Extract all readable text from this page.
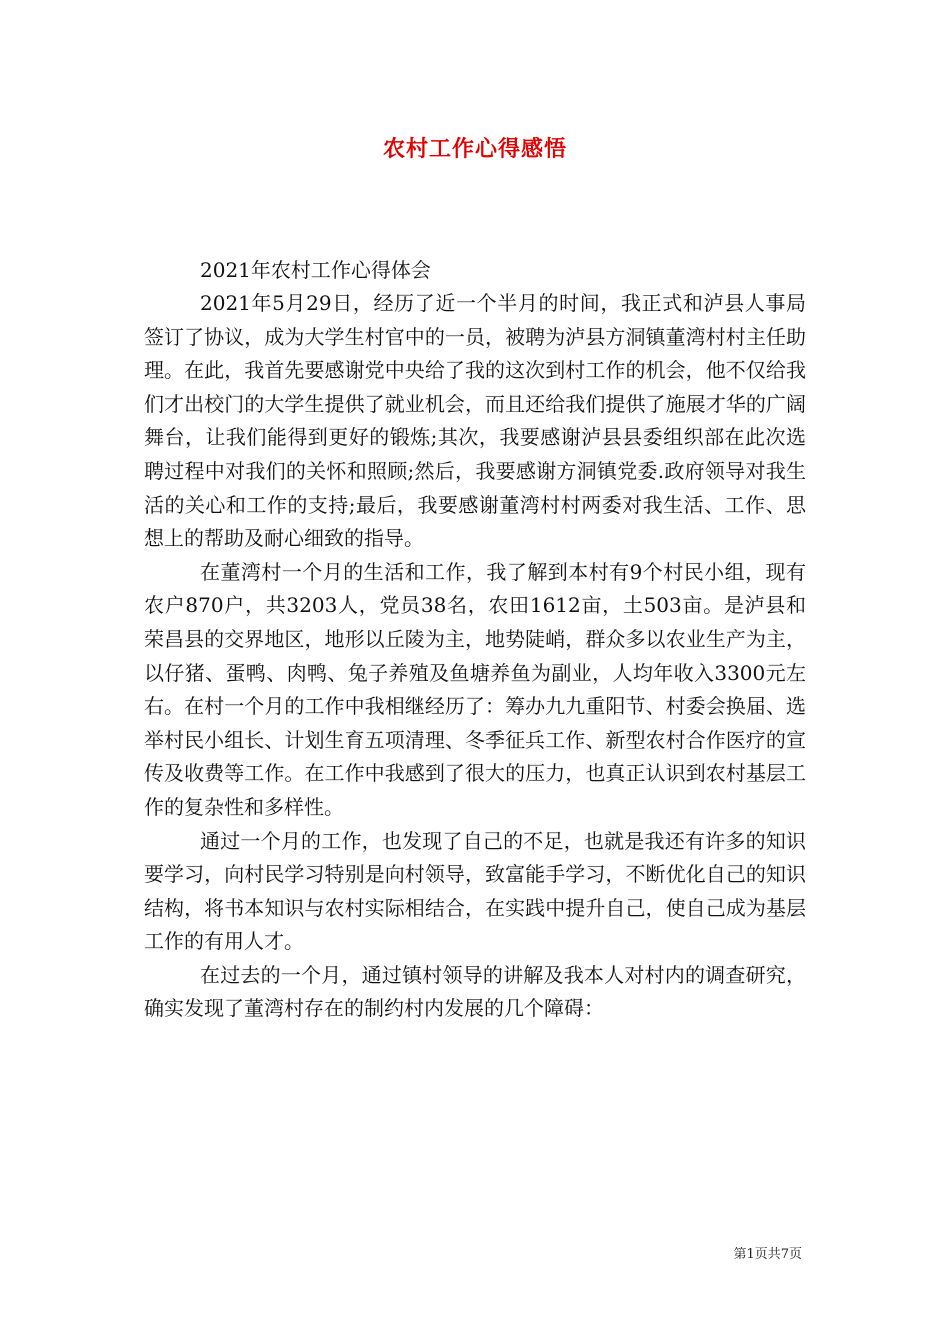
农村工作心得感悟

2021年农村工作心得体会

2021年5月29日，经历了近一个半月的时间，我正式和泸县人事局签订了协议，成为大学生村官中的一员，被聘为泸县方洞镇董湾村村主任助理。在此，我首先要感谢党中央给了我的这次到村工作的机会，他不仅给我们才出校门的大学生提供了就业机会，而且还给我们提供了施展才华的广阔舞台，让我们能得到更好的锻炼;其次，我要感谢泸县县委组织部在此次选聘过程中对我们的关怀和照顾;然后，我要感谢方洞镇党委.政府领导对我生活的关心和工作的支持;最后，我要感谢董湾村村两委对我生活、工作、思想上的帮助及耐心细致的指导。

在董湾村一个月的生活和工作，我了解到本村有9个村民小组，现有农户870户，共3203人，党员38名，农田1612亩，土503亩。是泸县和荣昌县的交界地区，地形以丘陵为主，地势陡峭，群众多以农业生产为主，以仔猪、蛋鸭、肉鸭、兔子养殖及鱼塘养鱼为副业，人均年收入3300元左右。在村一个月的工作中我相继经历了：筹办九九重阳节、村委会换届、选举村民小组长、计划生育五项清理、冬季征兵工作、新型农村合作医疗的宣传及收费等工作。在工作中我感到了很大的压力，也真正认识到农村基层工作的复杂性和多样性。

通过一个月的工作，也发现了自己的不足，也就是我还有许多的知识要学习，向村民学习特别是向村领导，致富能手学习，不断优化自己的知识结构，将书本知识与农村实际相结合，在实践中提升自己，使自己成为基层工作的有用人才。

在过去的一个月，通过镇村领导的讲解及我本人对村内的调查研究，确实发现了董湾村存在的制约村内发展的几个障碍：

第1页共7页
